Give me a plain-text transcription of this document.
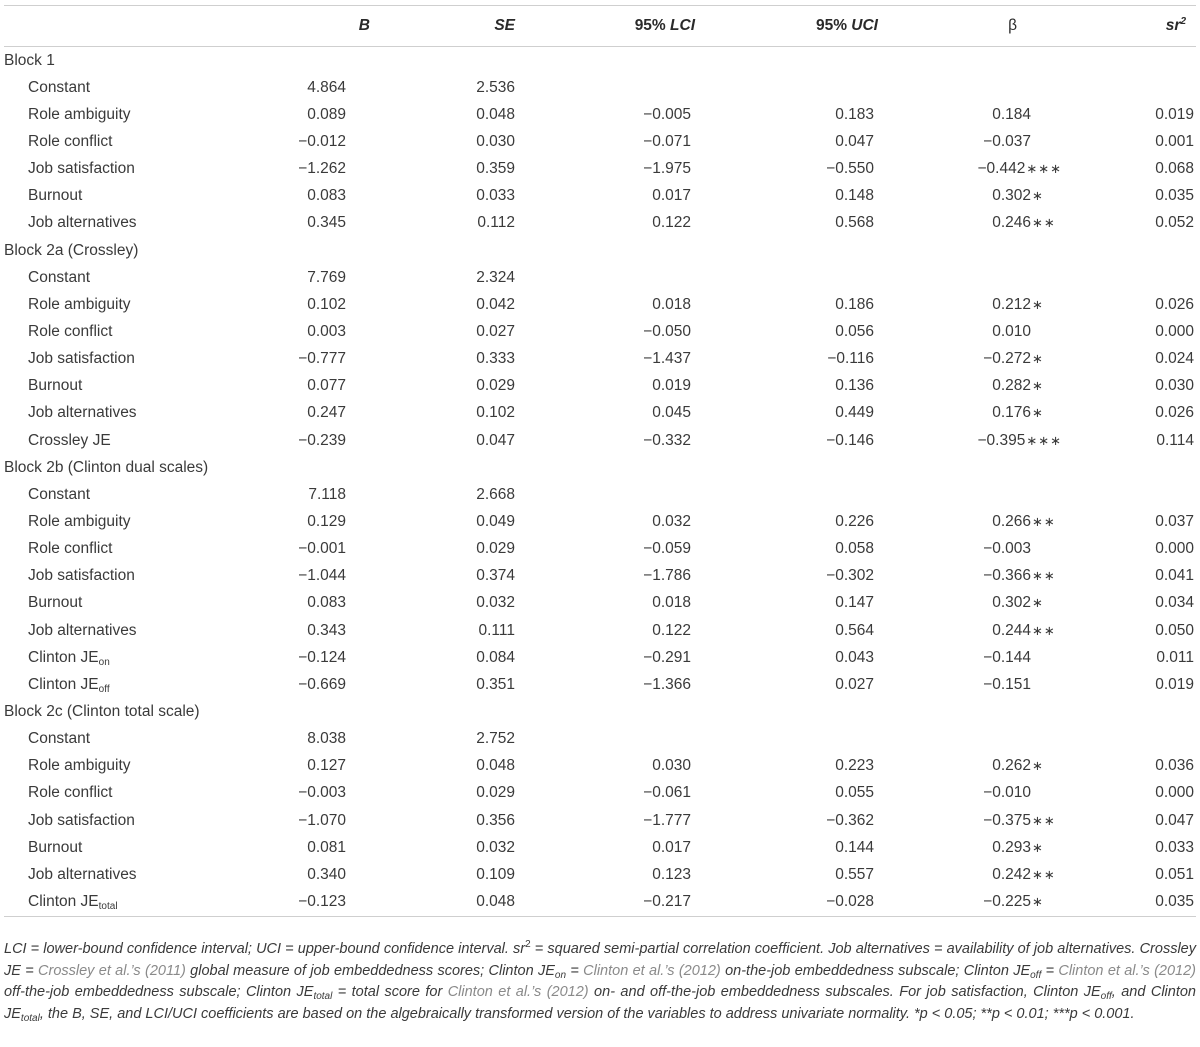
	B	SE	95% LCI	95% UCI	β	$sr^2$
Block 1						
Constant	4.864	2.536				
Role ambiguity	0.089	0.048	−0.005	0.183	0.184	0.019
Role conflict	−0.012	0.030	−0.071	0.047	−0.037	0.001
Job satisfaction	−1.262	0.359	−1.975	−0.550	−0.442∗∗∗	0.068
Burnout	0.083	0.033	0.017	0.148	0.302∗	0.035
Job alternatives	0.345	0.112	0.122	0.568	0.246∗∗	0.052
Block 2a (Crossley)						
Constant	7.769	2.324				
Role ambiguity	0.102	0.042	0.018	0.186	0.212∗	0.026
Role conflict	0.003	0.027	−0.050	0.056	0.010	0.000
Job satisfaction	−0.777	0.333	−1.437	−0.116	−0.272∗	0.024
Burnout	0.077	0.029	0.019	0.136	0.282∗	0.030
Job alternatives	0.247	0.102	0.045	0.449	0.176∗	0.026
Crossley JE	−0.239	0.047	−0.332	−0.146	−0.395∗∗∗	0.114
Block 2b (Clinton dual scales)						
Constant	7.118	2.668				
Role ambiguity	0.129	0.049	0.032	0.226	0.266∗∗	0.037
Role conflict	−0.001	0.029	−0.059	0.058	−0.003	0.000
Job satisfaction	−1.044	0.374	−1.786	−0.302	−0.366∗∗	0.041
Burnout	0.083	0.032	0.018	0.147	0.302∗	0.034
Job alternatives	0.343	0.111	0.122	0.564	0.244∗∗	0.050
Clinton $JE_{on}$	−0.124	0.084	−0.291	0.043	−0.144	0.011
Clinton $JE_{off}$	−0.669	0.351	−1.366	0.027	−0.151	0.019
Block 2c (Clinton total scale)						
Constant	8.038	2.752				
Role ambiguity	0.127	0.048	0.030	0.223	0.262∗	0.036
Role conflict	−0.003	0.029	−0.061	0.055	−0.010	0.000
Job satisfaction	−1.070	0.356	−1.777	−0.362	−0.375∗∗	0.047
Burnout	0.081	0.032	0.017	0.144	0.293∗	0.033
Job alternatives	0.340	0.109	0.123	0.557	0.242∗∗	0.051
Clinton $JE_{total}$	−0.123	0.048	−0.217	−0.028	−0.225∗	0.035
LCI = lower-bound confidence interval; UCI = upper-bound confidence interval. $sr^2$ = squared semi-partial correlation coefficient. Job alternatives = availability of job alternatives. Crossley JE = Crossley et al.’s (2011) global measure of job embeddedness scores; Clinton $JE_{on}$ = Clinton et al.’s (2012) on-the-job embeddedness subscale; Clinton $JE_{off}$ = Clinton et al.’s (2012) off-the-job embeddedness subscale; Clinton $JE_{total}$ = total score for Clinton et al.’s (2012) on- and off-the-job embeddedness subscales. For job satisfaction, Clinton $JE_{off}$, and Clinton $JE_{total}$, the B, SE, and LCI/UCI coefficients are based on the algebraically transformed version of the variables to address univariate normality. *p < 0.05; **p < 0.01; ***p < 0.001.
